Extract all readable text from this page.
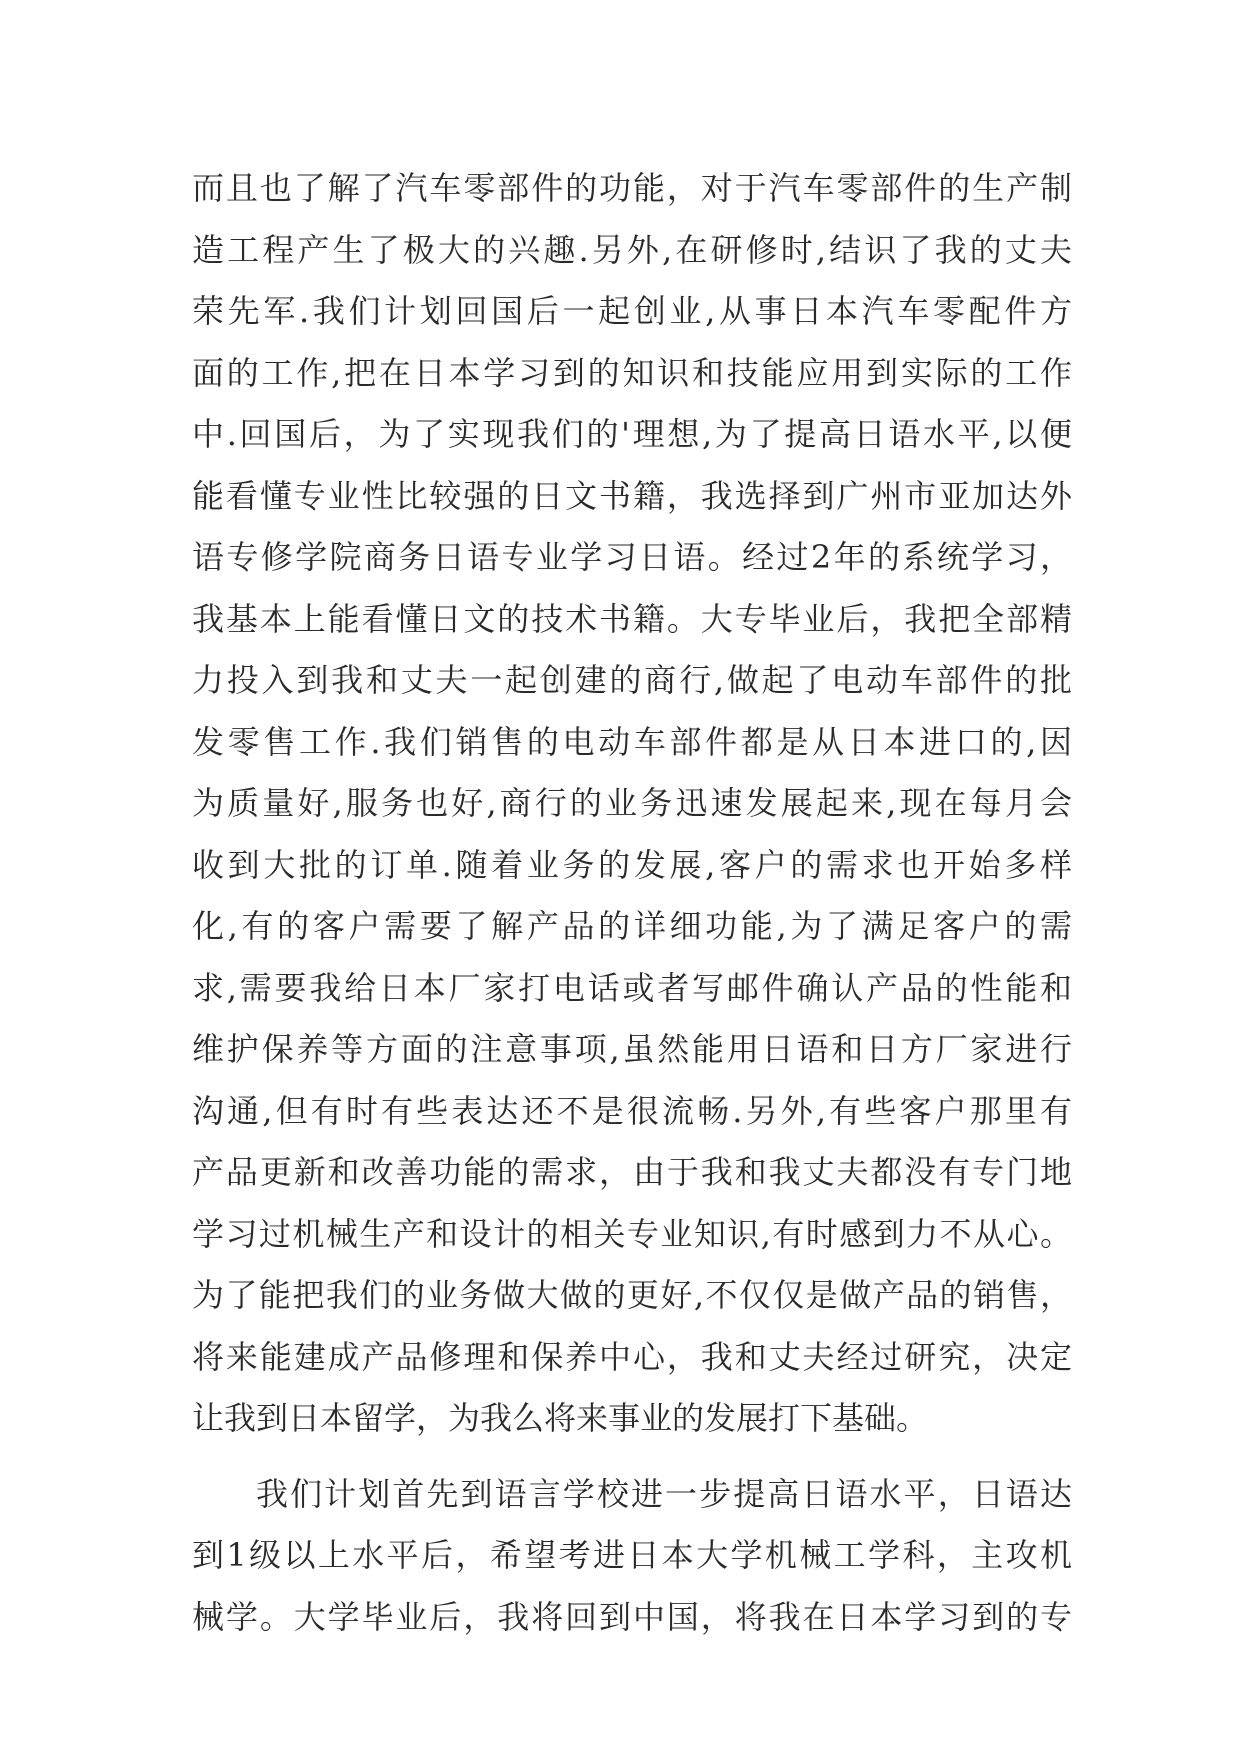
而且也了解了汽车零部件的功能，对于汽车零部件的生产制
造工程产生了极大的兴趣.另外,在研修时,结识了我的丈夫
荣先军.我们计划回国后一起创业,从事日本汽车零配件方
面的工作,把在日本学习到的知识和技能应用到实际的工作
中.回国后，为了实现我们的'理想,为了提高日语水平,以便
能看懂专业性比较强的日文书籍，我选择到广州市亚加达外
语专修学院商务日语专业学习日语。经过2年的系统学习，
我基本上能看懂日文的技术书籍。大专毕业后，我把全部精
力投入到我和丈夫一起创建的商行,做起了电动车部件的批
发零售工作.我们销售的电动车部件都是从日本进口的,因
为质量好,服务也好,商行的业务迅速发展起来,现在每月会
收到大批的订单.随着业务的发展,客户的需求也开始多样
化,有的客户需要了解产品的详细功能,为了满足客户的需
求,需要我给日本厂家打电话或者写邮件确认产品的性能和
维护保养等方面的注意事项,虽然能用日语和日方厂家进行
沟通,但有时有些表达还不是很流畅.另外,有些客户那里有
产品更新和改善功能的需求，由于我和我丈夫都没有专门地
学习过机械生产和设计的相关专业知识,有时感到力不从心。
为了能把我们的业务做大做的更好,不仅仅是做产品的销售，
将来能建成产品修理和保养中心，我和丈夫经过研究，决定
让我到日本留学，为我么将来事业的发展打下基础。
我们计划首先到语言学校进一步提高日语水平，日语达
到1级以上水平后，希望考进日本大学机械工学科，主攻机
械学。大学毕业后，我将回到中国，将我在日本学习到的专
